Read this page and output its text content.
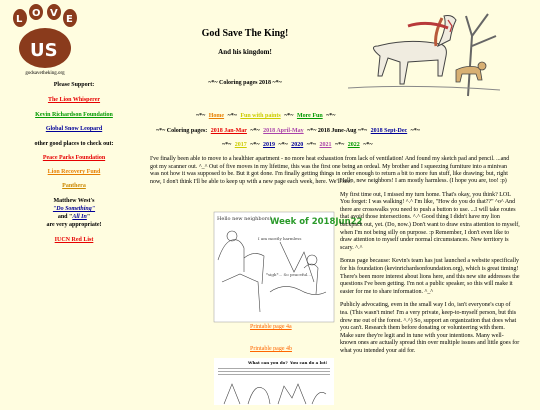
L
O V
E
US
godsavetheking.org
Please Support:
The Lion Whisperer
Kevin Richardson Foundation
Global Snow Leopard
other good places to check out:
Peace Parks Foundation
Lion Recovery Fund
Panthera
Matthew West's
"Do Something"
and "All In"
are very appropriate!
IUCN Red List
God Save The King!
And his kingdom!
~*~ Coloring pages 2018 ~*~
~*~ Home ~*~ Fun with paints ~*~ More Fun ~*~
~*~ Coloring pages: 2018 Jan-Mar ~*~ 2018 April-May ~*~ 2018 June-Aug ~*~ 2018 Sept-Dec ~*~
~*~ 2017 ~*~ 2019 ~*~ 2020 ~*~ 2021 ~*~ 2022 ~*~
I've finally been able to move to a healthier apartment - no more heat exhaustion from lack of ventilation! And found my sketch pad and pencil. ...and got my scanner out. ^_^ Out of five moves in my lifetime, this was the first one being an ordeal. My brother and I squeezing furniture into a minivan was not how it was supposed to be. But it got done. I'm finally getting things in order enough to return a bit to more fun stuff, like drawing; but, right now, I don't think I'll be able to keep up with a new page each week, here. We'll see!
Hello new neighbors!
Week of 2018Jun22
I am mostly harmless
*sigh*... So peaceful...
Printable page 4a
Printable page 4b
What can you do? You can do a lot!

Hello, new neighbors! I am mostly harmless. (I hope you are, too! :p)

My first time out, I missed my turn home. That's okay, you think? LOL You forget: I was walking! ^.^ I'm like, "How do you do that??" ^o^ And there are crosswalks you need to push a button to use. ...I will take routes that avoid those intersections. ^.^ Good thing I didn't have my lion backpack out, yet. (Do, now.) Don't want to draw extra attention to myself, when I'm not being silly on purpose. :p Remember, I don't even like to draw attention to myself under normal circumstances. New territory is scary. ^.^

Bonus page because: Kevin's team has just launched a website specifically for his foundation (kevinrichardsonfoundation.org), which is great timing! There's been more interest about lions here, and this new site addresses the questions I've been getting. I'm not a public speaker, so this will make it easier for me to share information. ^_^

Publicly advocating, even in the small way I do, isn't everyone's cup of tea. (This wasn't mine! I'm a very private, keep-to-myself person, but this drew me out of the forest. ^.^) So, support an organization that does what you can't. Research them before donating or volunteering with them. Make sure they're legit and in tune with your intentions. Many well-known ones are actually spread thin over multiple issues and little goes for what you intended your aid for.
